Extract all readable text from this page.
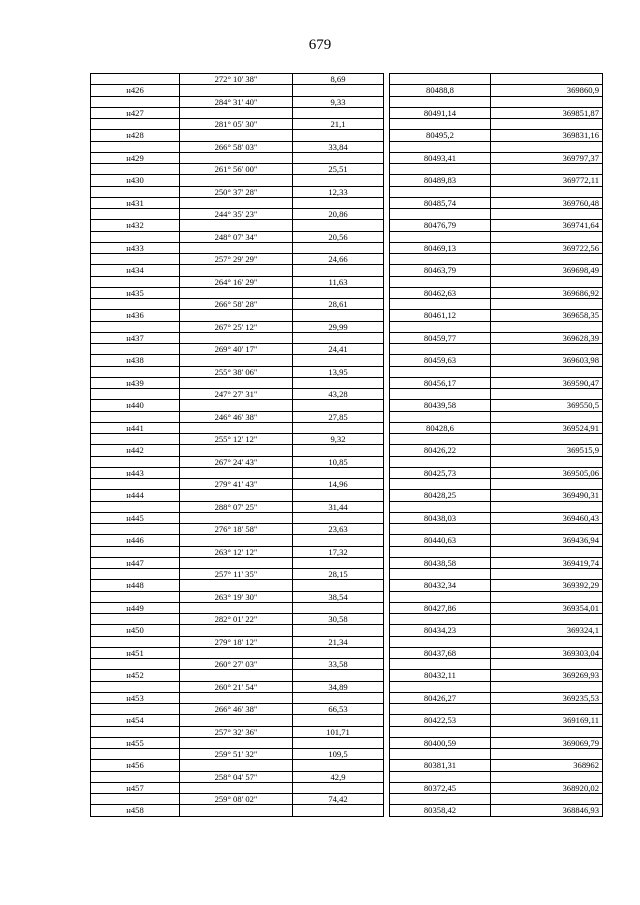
679
	272° 10' 38"	8,69			
н426				80488,8	369860,9
	284° 31' 40"	9,33			
н427				80491,14	369851,87
	281° 05' 30"	21,1			
н428				80495,2	369831,16
	266° 58' 03"	33,84			
н429				80493,41	369797,37
	261° 56' 00"	25,51			
н430				80489,83	369772,11
	250° 37' 28"	12,33			
н431				80485,74	369760,48
	244° 35' 23"	20,86			
н432				80476,79	369741,64
	248° 07' 34"	20,56			
н433				80469,13	369722,56
	257° 29' 29"	24,66			
н434				80463,79	369698,49
	264° 16' 29"	11,63			
н435				80462,63	369686,92
	266° 58' 28"	28,61			
н436				80461,12	369658,35
	267° 25' 12"	29,99			
н437				80459,77	369628,39
	269° 40' 17"	24,41			
н438				80459,63	369603,98
	255° 38' 06"	13,95			
н439				80456,17	369590,47
	247° 27' 31"	43,28			
н440				80439,58	369550,5
	246° 46' 38"	27,85			
н441				80428,6	369524,91
	255° 12' 12"	9,32			
н442				80426,22	369515,9
	267° 24' 43"	10,85			
н443				80425,73	369505,06
	279° 41' 43"	14,96			
н444				80428,25	369490,31
	288° 07' 25"	31,44			
н445				80438,03	369460,43
	276° 18' 58"	23,63			
н446				80440,63	369436,94
	263° 12' 12"	17,32			
н447				80438,58	369419,74
	257° 11' 35"	28,15			
н448				80432,34	369392,29
	263° 19' 30"	38,54			
н449				80427,86	369354,01
	282° 01' 22"	30,58			
н450				80434,23	369324,1
	279° 18' 12"	21,34			
н451				80437,68	369303,04
	260° 27' 03"	33,58			
н452				80432,11	369269,93
	260° 21' 54"	34,89			
н453				80426,27	369235,53
	266° 46' 38"	66,53			
н454				80422,53	369169,11
	257° 32' 36"	101,71			
н455				80400,59	369069,79
	259° 51' 32"	109,5			
н456				80381,31	368962
	258° 04' 57"	42,9			
н457				80372,45	368920,02
	259° 08' 02"	74,42			
н458				80358,42	368846,93
